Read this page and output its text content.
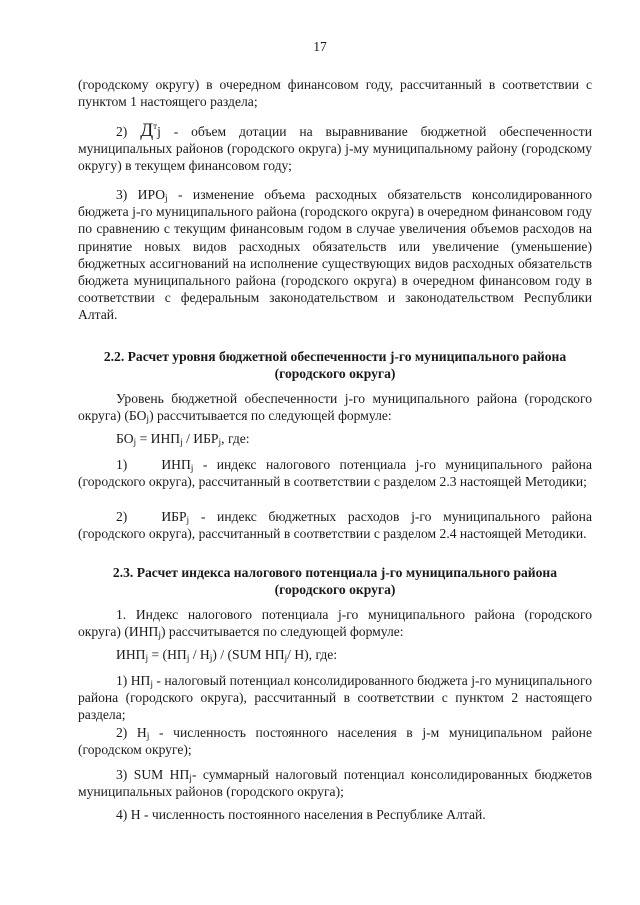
17

(городскому округу) в очередном финансовом году, рассчитанный в соответствии с пунктом 1 настоящего раздела;

2) $Д^тj$ - объем дотации на выравнивание бюджетной обеспеченности муниципальных районов (городского округа) j-му муниципальному району (городскому округу) в текущем финансовом году;

3) $ИРО_j$ - изменение объема расходных обязательств консолидированного бюджета j-го муниципального района (городского округа) в очередном финансовом году по сравнению с текущим финансовым годом в случае увеличения объемов расходов на принятие новых видов расходных обязательств или увеличение (уменьшение) бюджетных ассигнований на исполнение существующих видов расходных обязательств бюджета муниципального района (городского округа) в очередном финансовом году в соответствии с федеральным законодательством и законодательством Республики Алтай.

2.2. Расчет уровня бюджетной обеспеченности j-го муниципального района (городского округа)

Уровень бюджетной обеспеченности j-го муниципального района (городского округа) $(БО_j)$ рассчитывается по следующей формуле:

$БО_j = ИНП_j / ИБР_j$, где:

1)	$ИНП_j$ - индекс налогового потенциала j-го муниципального района (городского округа), рассчитанный в соответствии с разделом 2.3 настоящей Методики;

2)	$ИБР_j$ - индекс бюджетных расходов j-го муниципального района (городского округа), рассчитанный в соответствии с разделом 2.4 настоящей Методики.

2.3. Расчет индекса налогового потенциала j-го муниципального района (городского округа)

1. Индекс налогового потенциала j-го муниципального района (городского округа) $(ИНП_j)$ рассчитывается по следующей формуле:

$ИНП_j = (НП_j / Н_j) / (SUM$ $НП_j/$ Н), где:

1) $НП_j$ - налоговый потенциал консолидированного бюджета j-го муниципального района (городского округа), рассчитанный в соответствии с пунктом 2 настоящего раздела;

2) $Н_j$ - численность постоянного населения в j-м муниципальном районе (городском округе);

3) SUM $НП_j-$ суммарный налоговый потенциал консолидированных бюджетов муниципальных районов (городского округа);

4) Н - численность постоянного населения в Республике Алтай.
